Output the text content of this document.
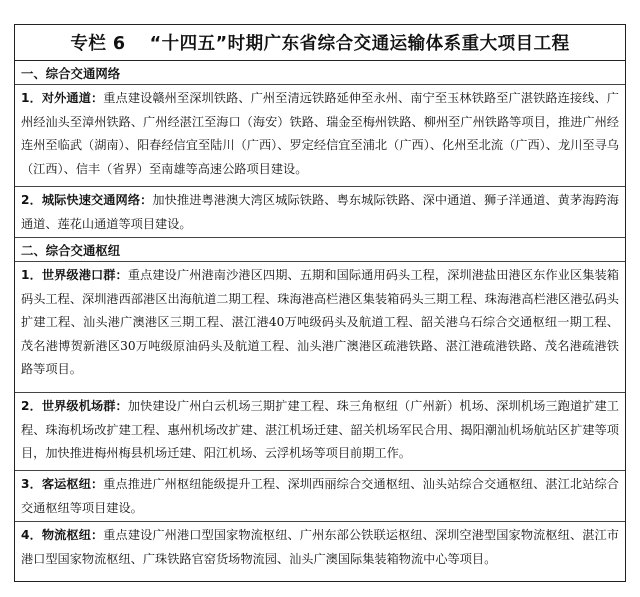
专栏 6 “十四五”时期广东省综合交通运输体系重大项目工程
一、综合交通网络
1．对外通道：重点建设赣州至深圳铁路、广州至清远铁路延伸至永州、南宁至玉林铁路至广湛铁路连接线、广州经汕头至漳州铁路、广州经湛江至海口（海安）铁路、瑞金至梅州铁路、柳州至广州铁路等项目，推进广州经连州至临武（湖南）、阳春经信宜至陆川（广西）、罗定经信宜至浦北（广西）、化州至北流（广西）、龙川至寻乌（江西）、信丰（省界）至南雄等高速公路项目建设。
2．城际快速交通网络：加快推进粤港澳大湾区城际铁路、粤东城际铁路、深中通道、狮子洋通道、黄茅海跨海通道、莲花山通道等项目建设。
二、综合交通枢纽
1．世界级港口群：重点建设广州港南沙港区四期、五期和国际通用码头工程，深圳港盐田港区东作业区集装箱码头工程、深圳港西部港区出海航道二期工程、珠海港高栏港区集装箱码头三期工程、珠海港高栏港区港弘码头扩建工程、汕头港广澳港区三期工程、湛江港40万吨级码头及航道工程、韶关港乌石综合交通枢纽一期工程、茂名港博贺新港区30万吨级原油码头及航道工程、汕头港广澳港区疏港铁路、湛江港疏港铁路、茂名港疏港铁路等项目。
2．世界级机场群：加快建设广州白云机场三期扩建工程、珠三角枢纽（广州新）机场、深圳机场三跑道扩建工程、珠海机场改扩建工程、惠州机场改扩建、湛江机场迁建、韶关机场军民合用、揭阳潮汕机场航站区扩建等项目，加快推进梅州梅县机场迁建、阳江机场、云浮机场等项目前期工作。
3．客运枢纽：重点推进广州枢纽能级提升工程、深圳西丽综合交通枢纽、汕头站综合交通枢纽、湛江北站综合交通枢纽等项目建设。
4．物流枢纽：重点建设广州港口型国家物流枢纽、广州东部公铁联运枢纽、深圳空港型国家物流枢纽、湛江市港口型国家物流枢纽、广珠铁路官窑货场物流园、汕头广澳国际集装箱物流中心等项目。
